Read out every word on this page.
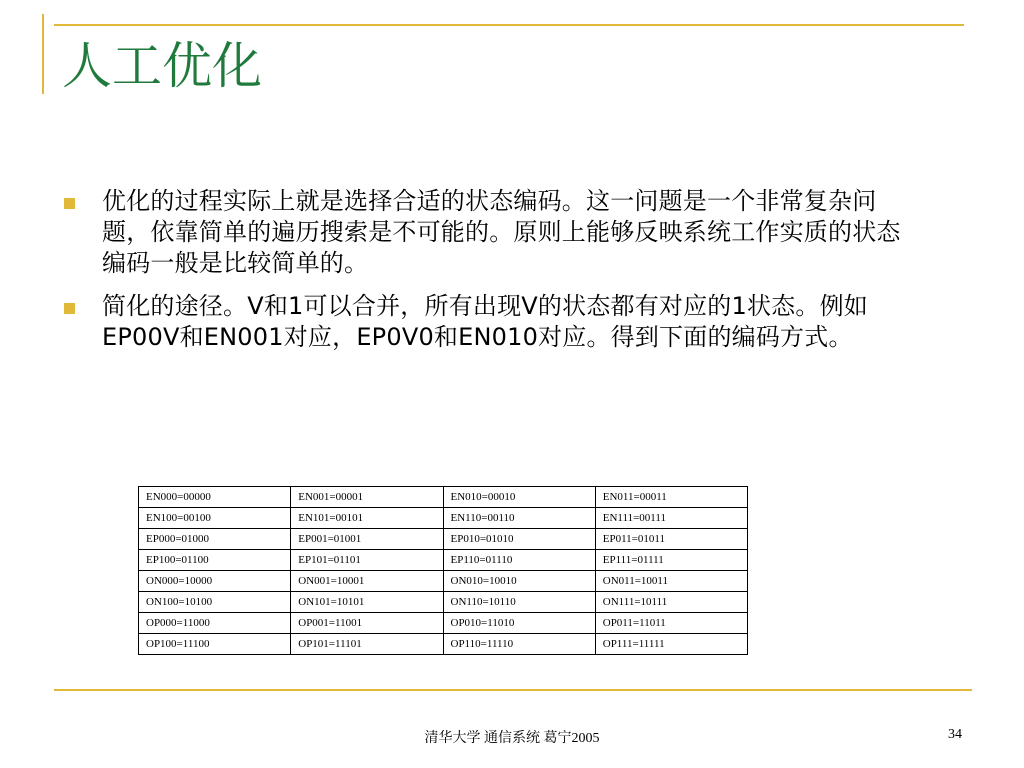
人工优化
优化的过程实际上就是选择合适的状态编码。这一问题是一个非常复杂问题，依靠简单的遍历搜索是不可能的。原则上能够反映系统工作实质的状态编码一般是比较简单的。
简化的途径。V和1可以合并，所有出现V的状态都有对应的1状态。例如EP00V和EN001对应，EP0V0和EN010对应。得到下面的编码方式。
EN000=00000	EN001=00001	EN010=00010	EN011=00011
EN100=00100	EN101=00101	EN110=00110	EN111=00111
EP000=01000	EP001=01001	EP010=01010	EP011=01011
EP100=01100	EP101=01101	EP110=01110	EP111=01111
ON000=10000	ON001=10001	ON010=10010	ON011=10011
ON100=10100	ON101=10101	ON110=10110	ON111=10111
OP000=11000	OP001=11001	OP010=11010	OP011=11011
OP100=11100	OP101=11101	OP110=11110	OP111=11111
清华大学 通信系统 葛宁2005	34
